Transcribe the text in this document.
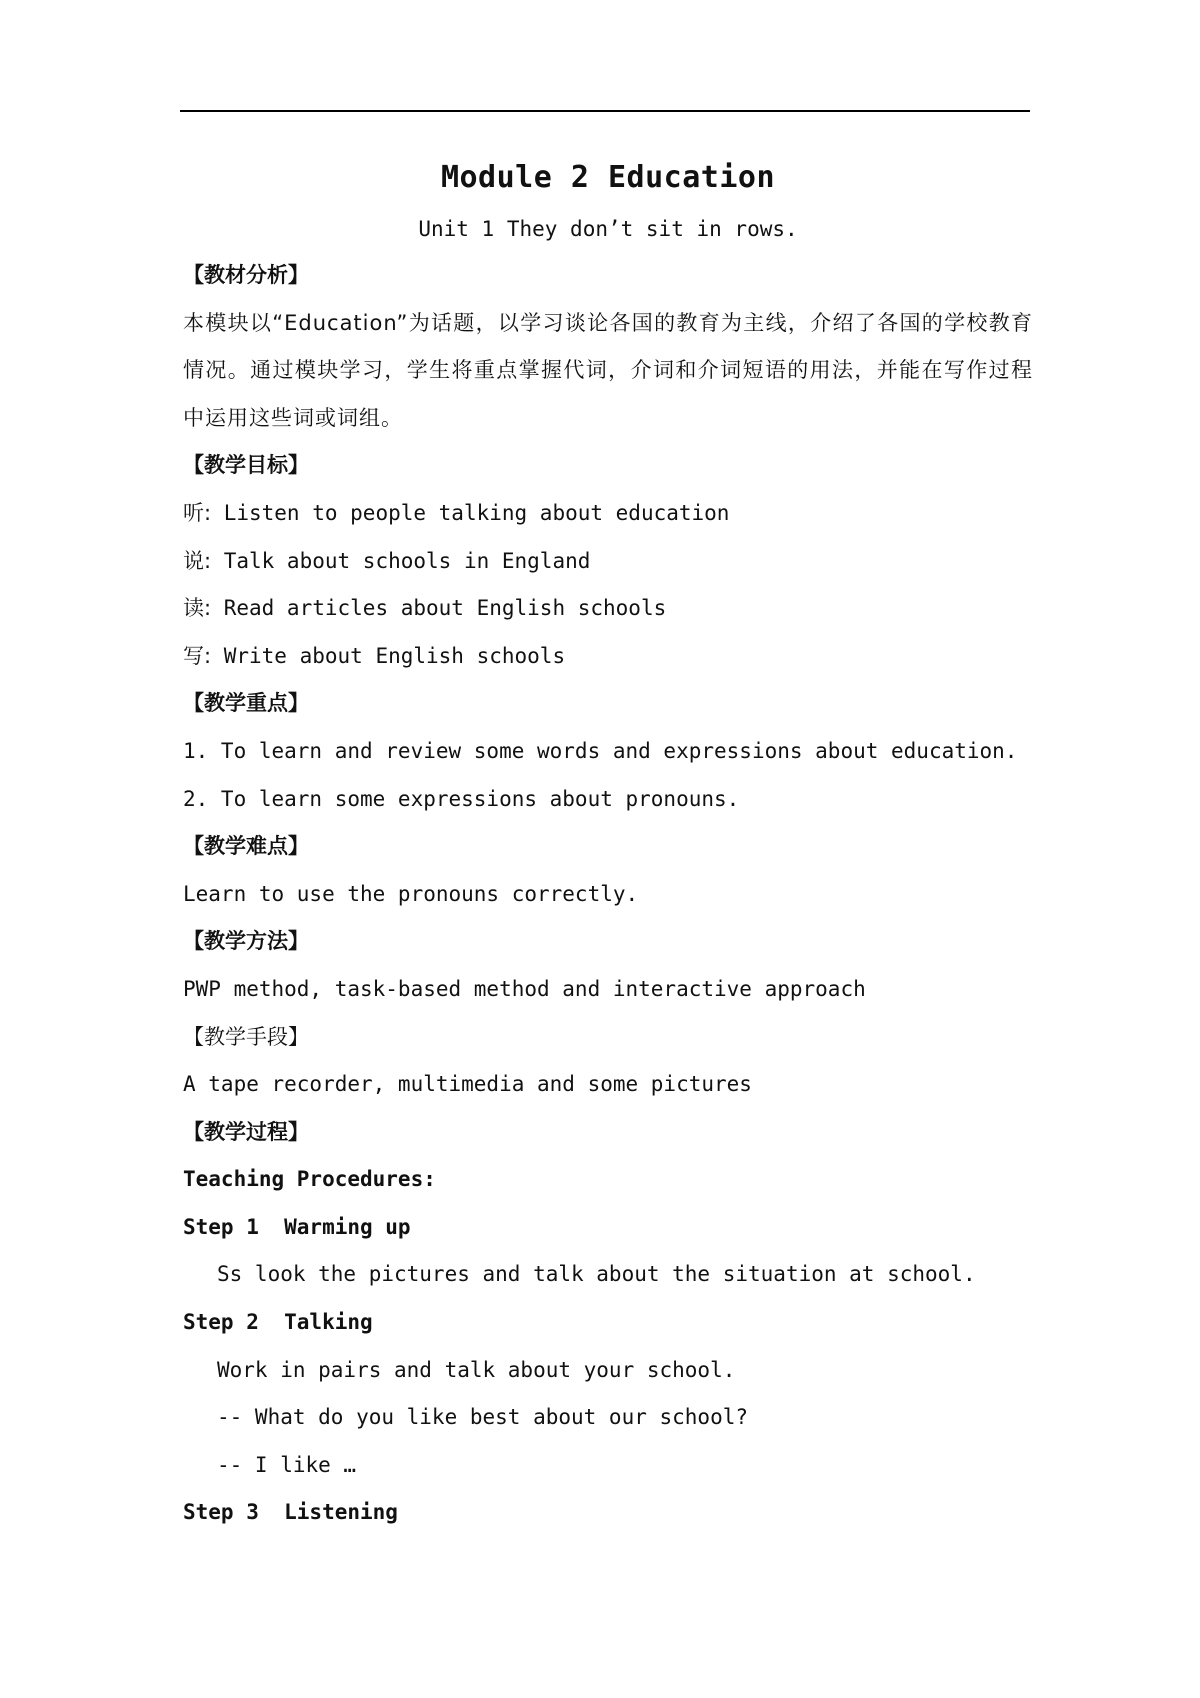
Module 2 Education
Unit 1 They don’t sit in rows.

【教材分析】

本模块以“Education”为话题，以学习谈论各国的教育为主线，介绍了各国的学校教育情况。通过模块学习，学生将重点掌握代词，介词和介词短语的用法，并能在写作过程中运用这些词或词组。

【教学目标】

听: Listen to people talking about education

说: Talk about schools in England

读: Read articles about English schools

写: Write about English schools

【教学重点】

1. To learn and review some words and expressions about education.

2. To learn some expressions about pronouns.

【教学难点】

Learn to use the pronouns correctly.

【教学方法】

PWP method, task-based method and interactive approach

【教学手段】

A tape recorder, multimedia and some pictures

【教学过程】

Teaching Procedures:

Step 1  Warming up

Ss look the pictures and talk about the situation at school.

Step 2  Talking

Work in pairs and talk about your school.

-- What do you like best about our school?

-- I like …

Step 3  Listening
